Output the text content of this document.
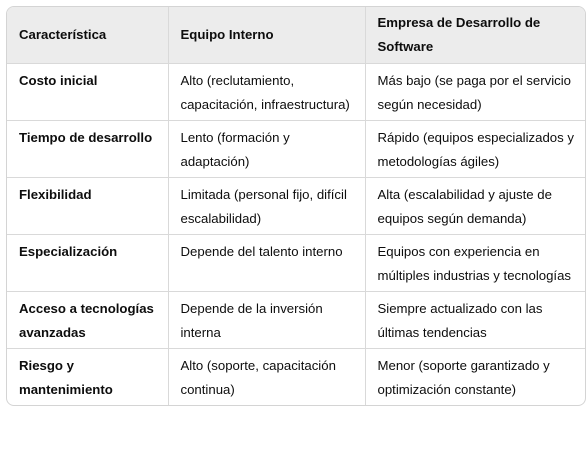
Característica	Equipo Interno	Empresa de Desarrollo de Software
Costo inicial	Alto (reclutamiento, capacitación, infraestructura)	Más bajo (se paga por el servicio según necesidad)
Tiempo de desarrollo	Lento (formación y adaptación)	Rápido (equipos especializados y metodologías ágiles)
Flexibilidad	Limitada (personal fijo, difícil escalabilidad)	Alta (escalabilidad y ajuste de equipos según demanda)
Especialización	Depende del talento interno	Equipos con experiencia en múltiples industrias y tecnologías
Acceso a tecnologías avanzadas	Depende de la inversión interna	Siempre actualizado con las últimas tendencias
Riesgo y mantenimiento	Alto (soporte, capacitación continua)	Menor (soporte garantizado y optimización constante)
